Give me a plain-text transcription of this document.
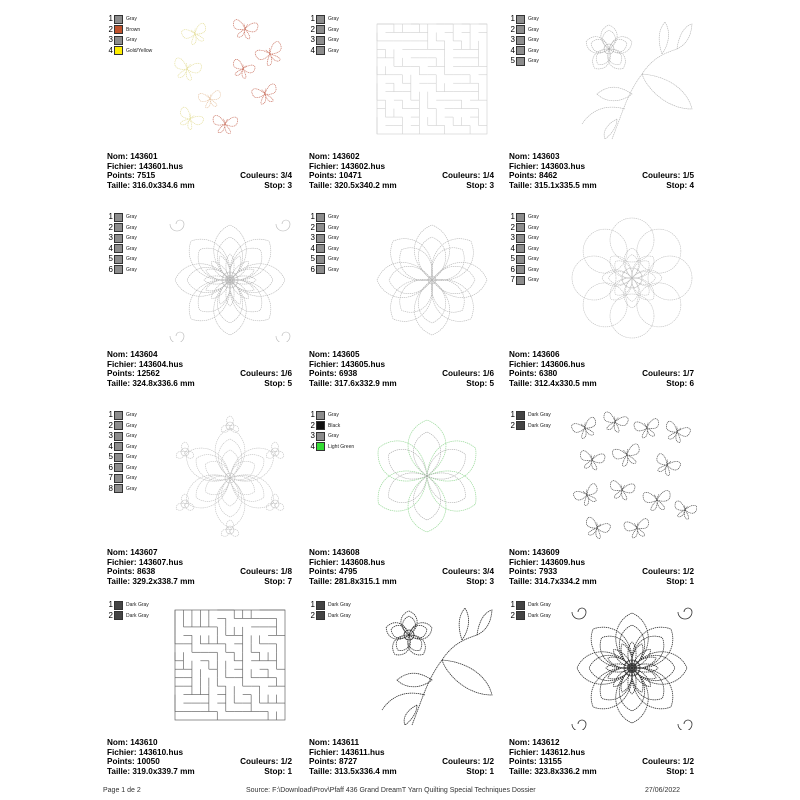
1	Gray
2	Brown
3	Gray
4	Gold/Yellow
Nom: 143601
Fichier: 143601.hus
Points: 7515	Couleurs: 3/4
Taille: 316.0x334.6 mm	Stop: 3
1	Gray
2	Gray
3	Gray
4	Gray
Nom: 143602
Fichier: 143602.hus
Points: 10471	Couleurs: 1/4
Taille: 320.5x340.2 mm	Stop: 3
1	Gray
2	Gray
3	Gray
4	Gray
5	Gray
Nom: 143603
Fichier: 143603.hus
Points: 8462	Couleurs: 1/5
Taille: 315.1x335.5 mm	Stop: 4
1	Gray
2	Gray
3	Gray
4	Gray
5	Gray
6	Gray
Nom: 143604
Fichier: 143604.hus
Points: 12562	Couleurs: 1/6
Taille: 324.8x336.6 mm	Stop: 5
1	Gray
2	Gray
3	Gray
4	Gray
5	Gray
6	Gray
Nom: 143605
Fichier: 143605.hus
Points: 6938	Couleurs: 1/6
Taille: 317.6x332.9 mm	Stop: 5
1	Gray
2	Gray
3	Gray
4	Gray
5	Gray
6	Gray
7	Gray
Nom: 143606
Fichier: 143606.hus
Points: 6380	Couleurs: 1/7
Taille: 312.4x330.5 mm	Stop: 6
1	Gray
2	Gray
3	Gray
4	Gray
5	Gray
6	Gray
7	Gray
8	Gray
Nom: 143607
Fichier: 143607.hus
Points: 8638	Couleurs: 1/8
Taille: 329.2x338.7 mm	Stop: 7
1	Gray
2	Black
3	Gray
4	Light Green
Nom: 143608
Fichier: 143608.hus
Points: 4795	Couleurs: 3/4
Taille: 281.8x315.1 mm	Stop: 3
1	Dark Gray
2	Dark Gray
Nom: 143609
Fichier: 143609.hus
Points: 7933	Couleurs: 1/2
Taille: 314.7x334.2 mm	Stop: 1
1	Dark Gray
2	Dark Gray
Nom: 143610
Fichier: 143610.hus
Points: 10050	Couleurs: 1/2
Taille: 319.0x339.7 mm	Stop: 1
1	Dark Gray
2	Dark Gray
Nom: 143611
Fichier: 143611.hus
Points: 8727	Couleurs: 1/2
Taille: 313.5x336.4 mm	Stop: 1
1	Dark Gray
2	Dark Gray
Nom: 143612
Fichier: 143612.hus
Points: 13155	Couleurs: 1/2
Taille: 323.8x336.2 mm	Stop: 1
Page 1 de 2	Source: F:\Download\Prov\Pfaff 436 Grand DreamT Yarn Quilting Special Techniques Dossier	27/06/2022
